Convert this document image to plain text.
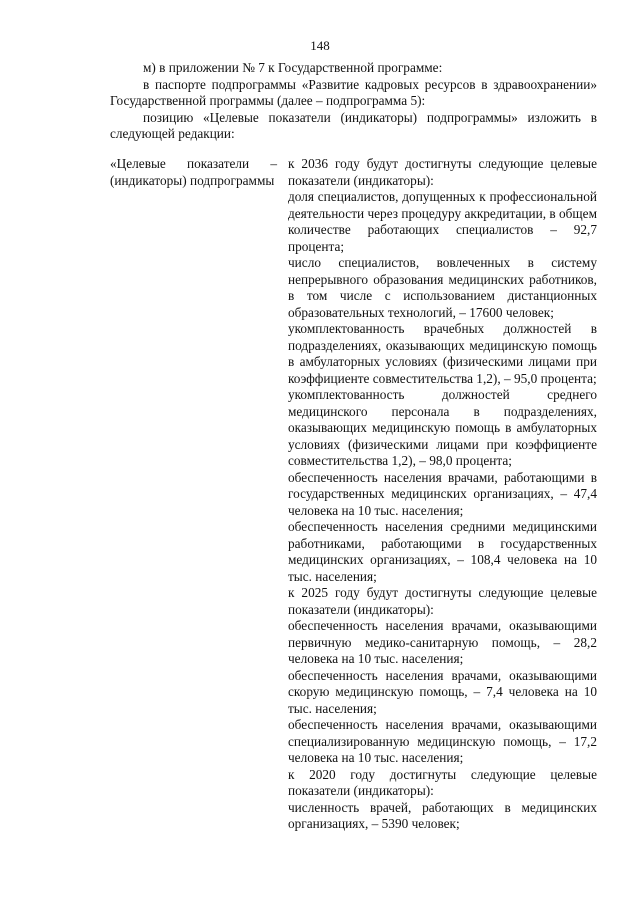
148

м) в приложении № 7 к Государственной программе:

в паспорте подпрограммы «Развитие кадровых ресурсов в здравоохранении» Государственной программы (далее – подпрограмма 5):

позицию «Целевые показатели (индикаторы) подпрограммы» изложить в следующей редакции:

«Целевые показатели – (индикаторы) подпрограммы

к 2036 году будут достигнуты следующие целевые показатели (индикаторы):

доля специалистов, допущенных к профессиональной деятельности через процедуру аккредитации, в общем количестве работающих специалистов – 92,7 процента;

число специалистов, вовлеченных в систему непрерывного образования медицинских работников, в том числе с использованием дистанционных образовательных технологий, – 17600 человек;

укомплектованность врачебных должностей в подразделениях, оказывающих медицинскую помощь в амбулаторных условиях (физическими лицами при коэффициенте совместительства 1,2), – 95,0 процента;

укомплектованность должностей среднего медицинского персонала в подразделениях, оказывающих медицинскую помощь в амбулаторных условиях (физическими лицами при коэффициенте совместительства 1,2), – 98,0 процента;

обеспеченность населения врачами, работающими в государственных медицинских организациях, – 47,4 человека на 10 тыс. населения;

обеспеченность населения средними медицинскими работниками, работающими в государственных медицинских организациях, – 108,4 человека на 10 тыс. населения;

к 2025 году будут достигнуты следующие целевые показатели (индикаторы):

обеспеченность населения врачами, оказывающими первичную медико-санитарную помощь, – 28,2 человека на 10 тыс. населения;

обеспеченность населения врачами, оказывающими скорую медицинскую помощь, – 7,4 человека на 10 тыс. населения;

обеспеченность населения врачами, оказывающими специализированную медицинскую помощь, – 17,2 человека на 10 тыс. населения;

к 2020 году достигнуты следующие целевые показатели (индикаторы):

численность врачей, работающих в медицинских организациях, – 5390 человек;
